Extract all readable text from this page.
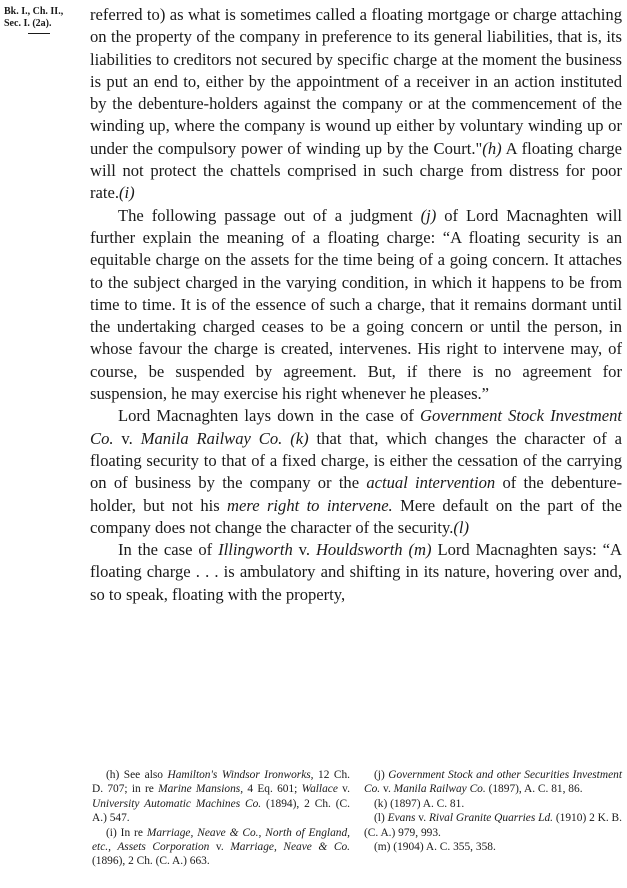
Bk. I., Ch. II.,
Sec. I. (2a).	referred to) as what is sometimes called a floating mortgage or charge attaching on the property of the company in preference to its general liabilities, that is, its liabilities to creditors not secured by specific charge at the moment the business is put an end to, either by the appointment of a receiver in an action instituted by the debenture-holders against the company or at the commencement of the winding up, where the company is wound up either by voluntary winding up or under the compulsory power of winding up by the Court."(h) A floating charge will not protect the chattels comprised in such charge from distress for poor rate.(i)

The following passage out of a judgment (j) of Lord Macnaghten will further explain the meaning of a floating charge: “A floating security is an equitable charge on the assets for the time being of a going concern. It attaches to the subject charged in the varying condition, in which it happens to be from time to time. It is of the essence of such a charge, that it remains dormant until the undertaking charged ceases to be a going concern or until the person, in whose favour the charge is created, intervenes. His right to intervene may, of course, be suspended by agreement. But, if there is no agreement for suspension, he may exercise his right whenever he pleases.”

Lord Macnaghten lays down in the case of Government Stock Investment Co. v. Manila Railway Co. (k) that that, which changes the character of a floating security to that of a fixed charge, is either the cessation of the carrying on of business by the company or the actual intervention of the debenture-holder, but not his mere right to intervene. Mere default on the part of the company does not change the character of the security.(l)

In the case of Illingworth v. Houldsworth (m) Lord Macnaghten says: “A floating charge . . . is ambulatory and shifting in its nature, hovering over and, so to speak, floating with the property,

(h) See also Hamilton's Windsor Ironworks, 12 Ch. D. 707; in re Marine Mansions, 4 Eq. 601; Wallace v. University Automatic Machines Co. (1894), 2 Ch. (C. A.) 547.

(i) In re Marriage, Neave & Co., North of England, etc., Assets Corporation v. Marriage, Neave & Co. (1896), 2 Ch. (C. A.) 663.

(j) Government Stock and other Securities Investment Co. v. Manila Railway Co. (1897), A. C. 81, 86.

(k) (1897) A. C. 81.

(l) Evans v. Rival Granite Quarries Ld. (1910) 2 K. B. (C. A.) 979, 993.

(m) (1904) A. C. 355, 358.
